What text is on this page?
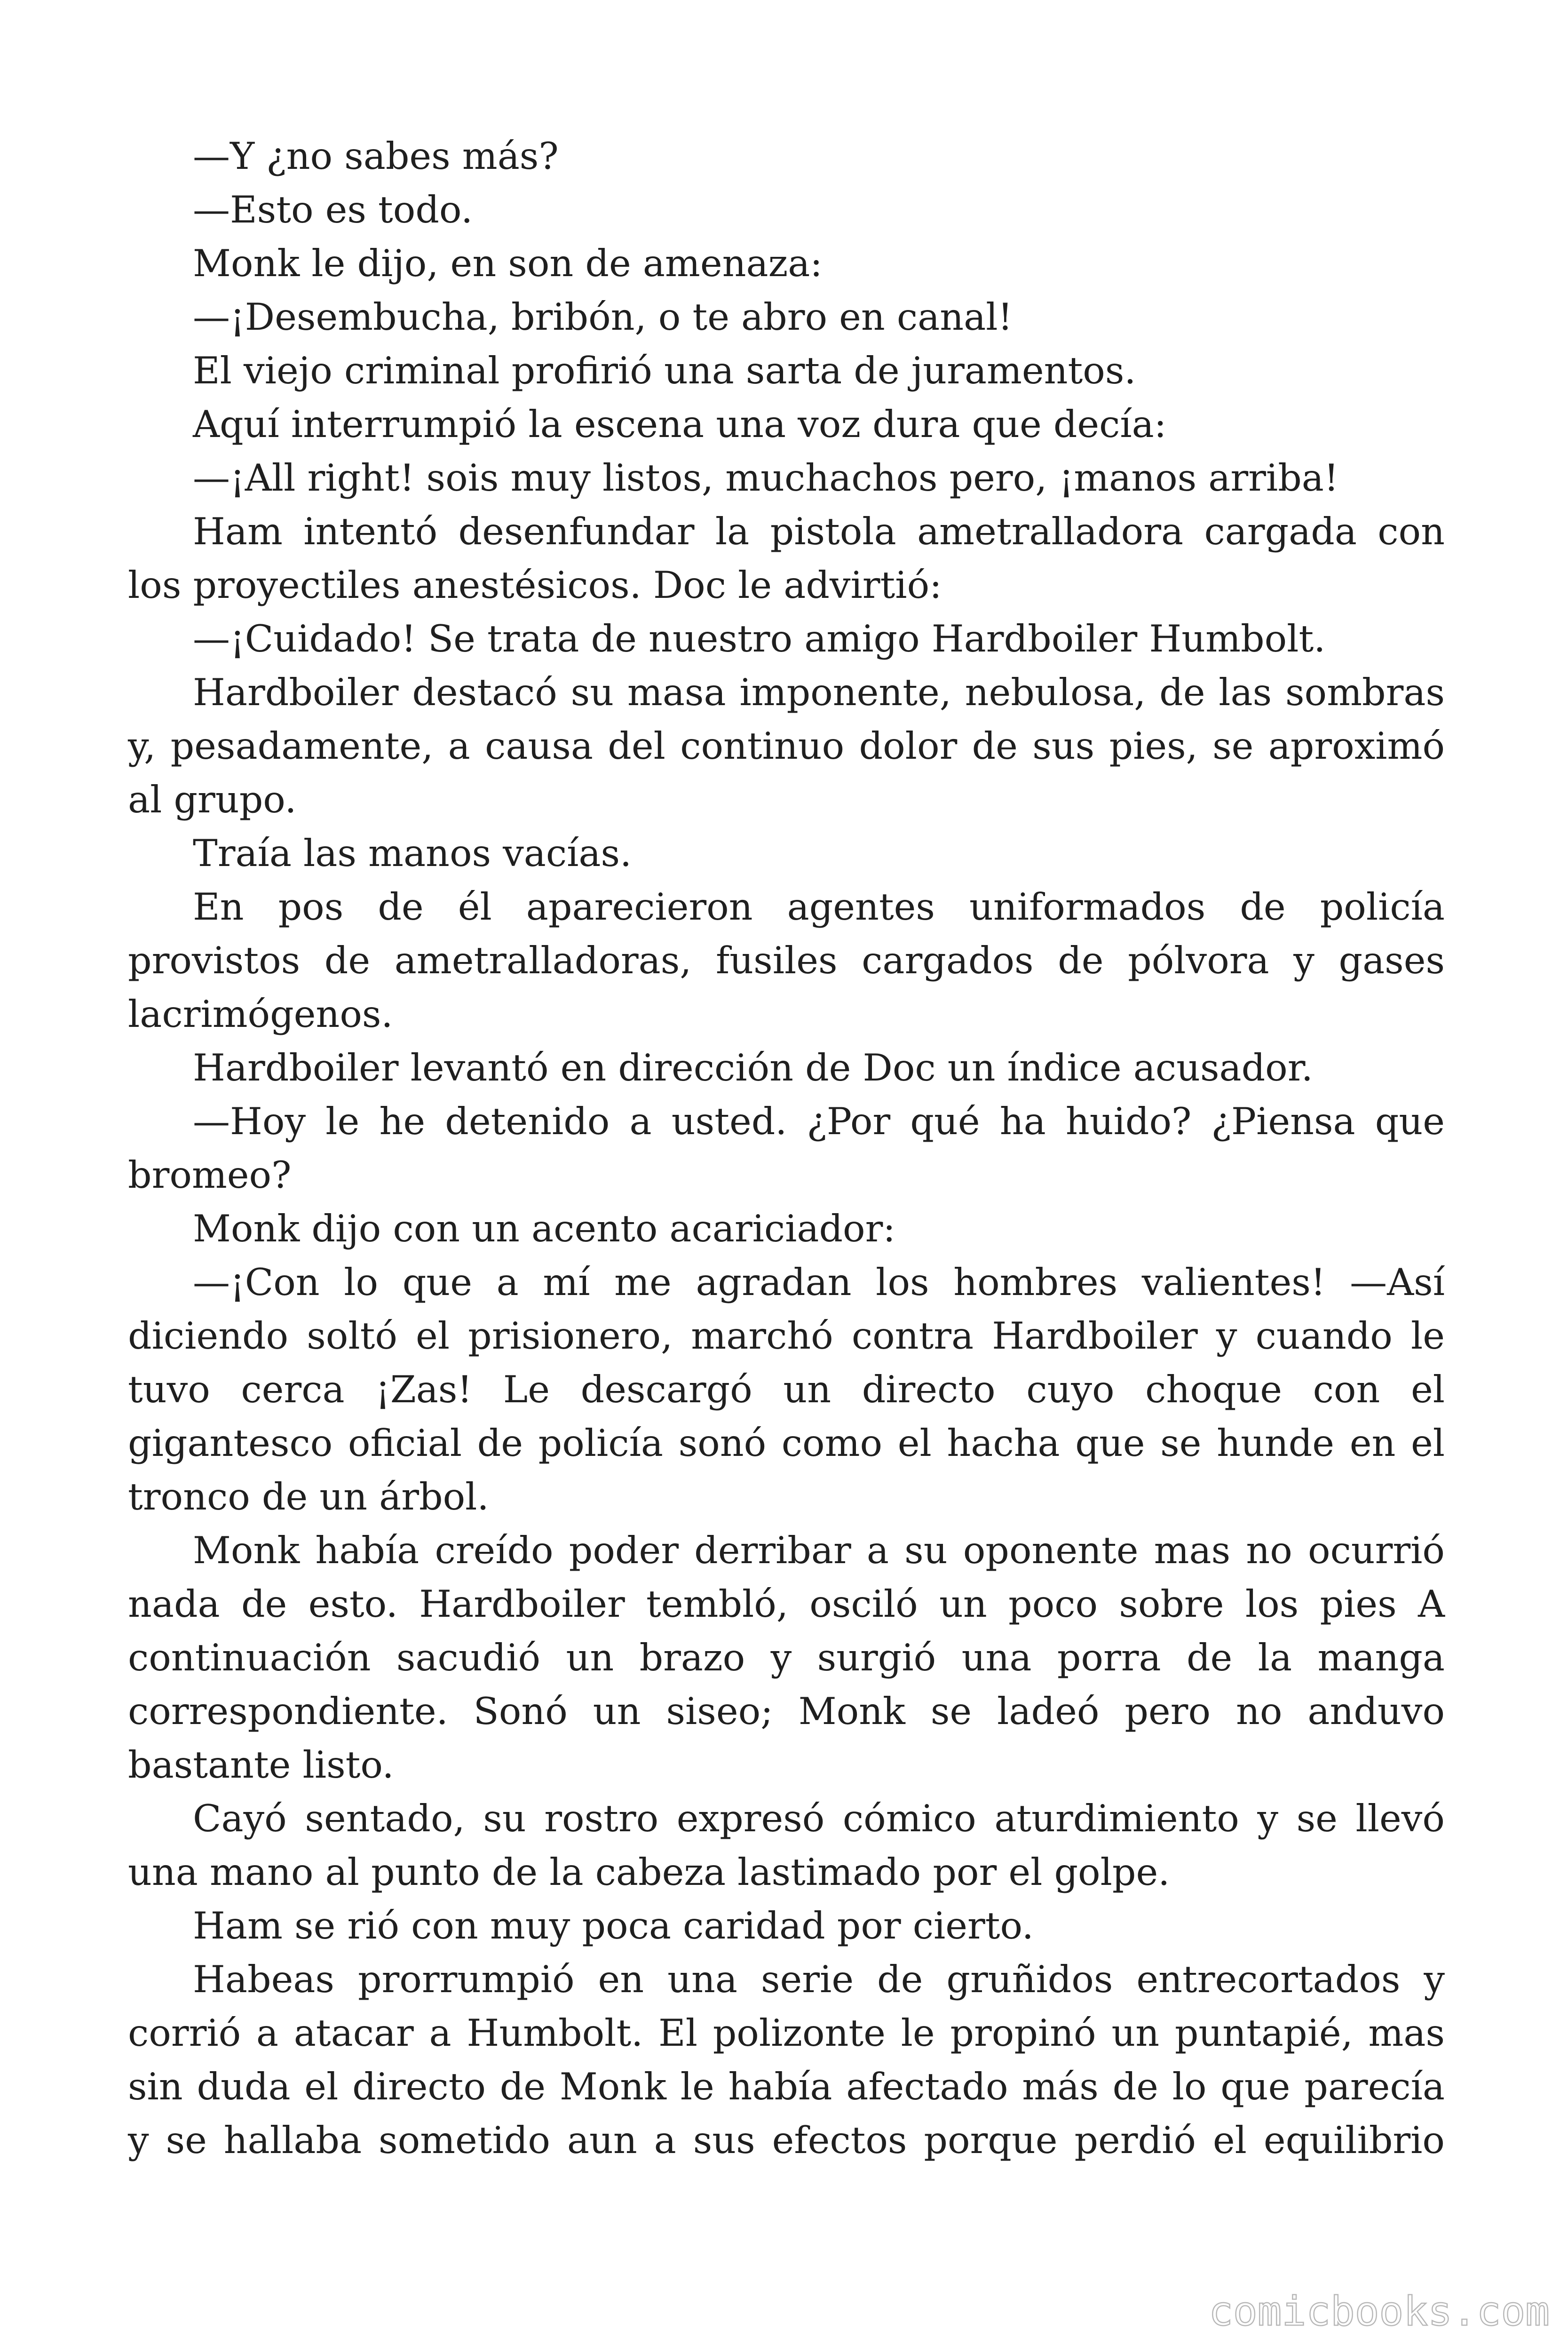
—Y ¿no sabes más?
—Esto es todo.
Monk le dijo, en son de amenaza:
—¡Desembucha, bribón, o te abro en canal!
El viejo criminal profirió una sarta de juramentos.
Aquí interrumpió la escena una voz dura que decía:
—¡All right! sois muy listos, muchachos pero, ¡manos arriba!
Ham intentó desenfundar la pistola ametralladora cargada con
los proyectiles anestésicos. Doc le advirtió:
—¡Cuidado! Se trata de nuestro amigo Hardboiler Humbolt.
Hardboiler destacó su masa imponente, nebulosa, de las sombras
y, pesadamente, a causa del continuo dolor de sus pies, se aproximó
al grupo.
Traía las manos vacías.
En pos de él aparecieron agentes uniformados de policía
provistos de ametralladoras, fusiles cargados de pólvora y gases
lacrimógenos.
Hardboiler levantó en dirección de Doc un índice acusador.
—Hoy le he detenido a usted. ¿Por qué ha huido? ¿Piensa que
bromeo?
Monk dijo con un acento acariciador:
—¡Con lo que a mí me agradan los hombres valientes! —Así
diciendo soltó el prisionero, marchó contra Hardboiler y cuando le
tuvo cerca ¡Zas! Le descargó un directo cuyo choque con el
gigantesco oficial de policía sonó como el hacha que se hunde en el
tronco de un árbol.
Monk había creído poder derribar a su oponente mas no ocurrió
nada de esto. Hardboiler tembló, osciló un poco sobre los pies A
continuación sacudió un brazo y surgió una porra de la manga
correspondiente. Sonó un siseo; Monk se ladeó pero no anduvo
bastante listo.
Cayó sentado, su rostro expresó cómico aturdimiento y se llevó
una mano al punto de la cabeza lastimado por el golpe.
Ham se rió con muy poca caridad por cierto.
Habeas prorrumpió en una serie de gruñidos entrecortados y
corrió a atacar a Humbolt. El polizonte le propinó un puntapié, mas
sin duda el directo de Monk le había afectado más de lo que parecía
y se hallaba sometido aun a sus efectos porque perdió el equilibrio
comicbooks.com
